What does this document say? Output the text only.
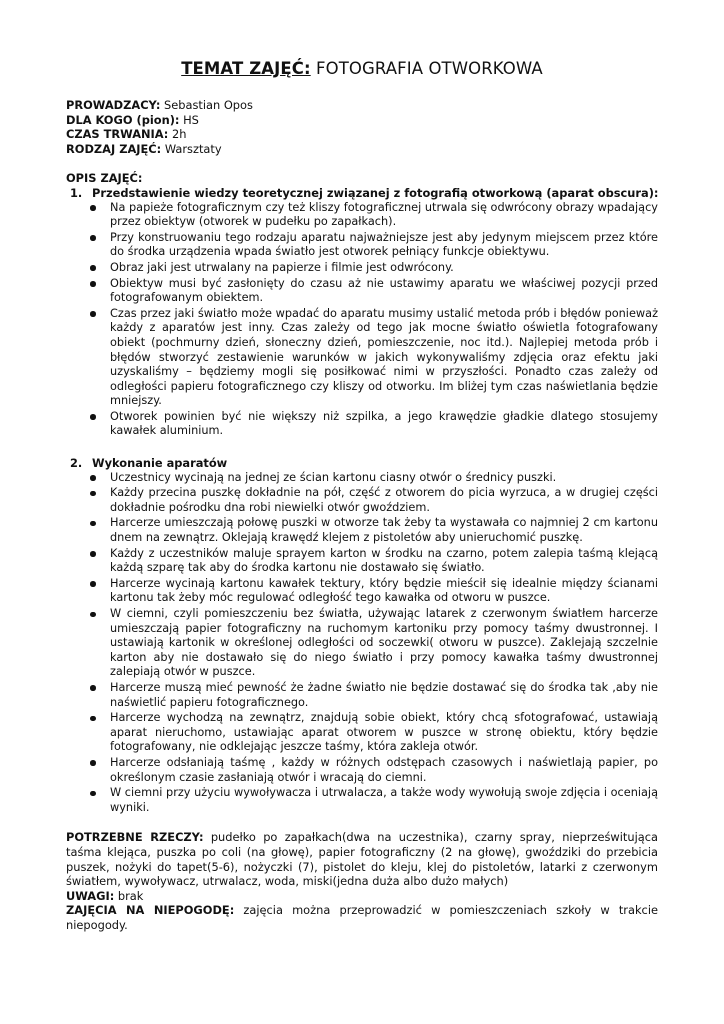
TEMAT ZAJĘĆ: FOTOGRAFIA OTWORKOWA
PROWADZACY: Sebastian Opos
DLA KOGO (pion): HS
CZAS TRWANIA: 2h
RODZAJ ZAJĘĆ: Warsztaty
OPIS ZAJĘĆ:
1. Przedstawienie wiedzy teoretycznej związanej z fotografią otworkową (aparat obscura):
Na papieże fotograficznym czy też kliszy fotograficznej utrwala się odwrócony obrazy wpadający przez obiektyw (otworek w pudełku po zapałkach).
Przy konstruowaniu tego rodzaju aparatu najważniejsze jest aby jedynym miejscem przez które do środka urządzenia wpada światło jest otworek pełniący funkcje obiektywu.
Obraz jaki jest utrwalany na papierze i filmie jest odwrócony.
Obiektyw musi być zasłonięty do czasu aż nie ustawimy aparatu we właściwej pozycji przed fotografowanym obiektem.
Czas przez jaki światło może wpadać do aparatu musimy ustalić metoda prób i błędów ponieważ każdy z aparatów jest inny. Czas zależy od tego jak mocne światło oświetla fotografowany obiekt (pochmurny dzień, słoneczny dzień, pomieszczenie, noc itd.). Najlepiej metoda prób i błędów stworzyć zestawienie warunków w jakich wykonywaliśmy zdjęcia oraz efektu jaki uzyskaliśmy – będziemy mogli się posiłkować nimi w przyszłości. Ponadto czas zależy od odległości papieru fotograficznego czy kliszy od otworku. Im bliżej tym czas naświetlania będzie mniejszy.
Otworek powinien być nie większy niż szpilka, a jego krawędzie gładkie dlatego stosujemy kawałek aluminium.
2. Wykonanie aparatów
Uczestnicy wycinają na jednej ze ścian kartonu ciasny otwór o średnicy puszki.
Każdy przecina puszkę dokładnie na pół, część z otworem do picia wyrzuca, a w drugiej części dokładnie pośrodku dna robi niewielki otwór gwoździem.
Harcerze umieszczają połowę puszki w otworze tak żeby ta wystawała co najmniej 2 cm kartonu dnem na zewnątrz. Oklejają krawędź klejem z pistoletów aby unieruchomić puszkę.
Każdy z uczestników maluje sprayem karton w środku na czarno, potem zalepia taśmą klejącą każdą szparę tak aby do środka kartonu nie dostawało się światło.
Harcerze wycinają kartonu kawałek tektury, który będzie mieścił się idealnie między ścianami kartonu tak żeby móc regulować odległość tego kawałka od otworu w puszce.
W ciemni, czyli pomieszczeniu bez światła, używając latarek z czerwonym światłem harcerze umieszczają papier fotograficzny na ruchomym kartoniku przy pomocy taśmy dwustronnej. I ustawiają kartonik w określonej odległości od soczewki( otworu w puszce). Zaklejają szczelnie karton aby nie dostawało się do niego światło i przy pomocy kawałka taśmy dwustronnej zalepiają otwór w puszce.
Harcerze muszą mieć pewność że żadne światło nie będzie dostawać się do środka tak ,aby nie naświetlić papieru fotograficznego.
Harcerze wychodzą na zewnątrz, znajdują sobie obiekt, który chcą sfotografować, ustawiają aparat nieruchomo, ustawiając aparat otworem w puszce w stronę obiektu, który będzie fotografowany, nie odklejając jeszcze taśmy, która zakleja otwór.
Harcerze odsłaniają taśmę , każdy w różnych odstępach czasowych i naświetlają papier, po określonym czasie zasłaniają otwór i wracają do ciemni.
W ciemni przy użyciu wywoływacza i utrwalacza, a także wody wywołują swoje zdjęcia i oceniają wyniki.

POTRZEBNE RZECZY: pudełko po zapałkach(dwa na uczestnika), czarny spray, nieprześwitująca taśma klejąca, puszka po coli (na głowę), papier fotograficzny (2 na głowę), gwoździki do przebicia puszek, nożyki do tapet(5-6), nożyczki (7), pistolet do kleju, klej do pistoletów, latarki z czerwonym światłem, wywoływacz, utrwalacz, woda, miski(jedna duża albo dużo małych)

UWAGI: brak

ZAJĘCIA NA NIEPOGODĘ: zajęcia można przeprowadzić w pomieszczeniach szkoły w trakcie niepogody.
